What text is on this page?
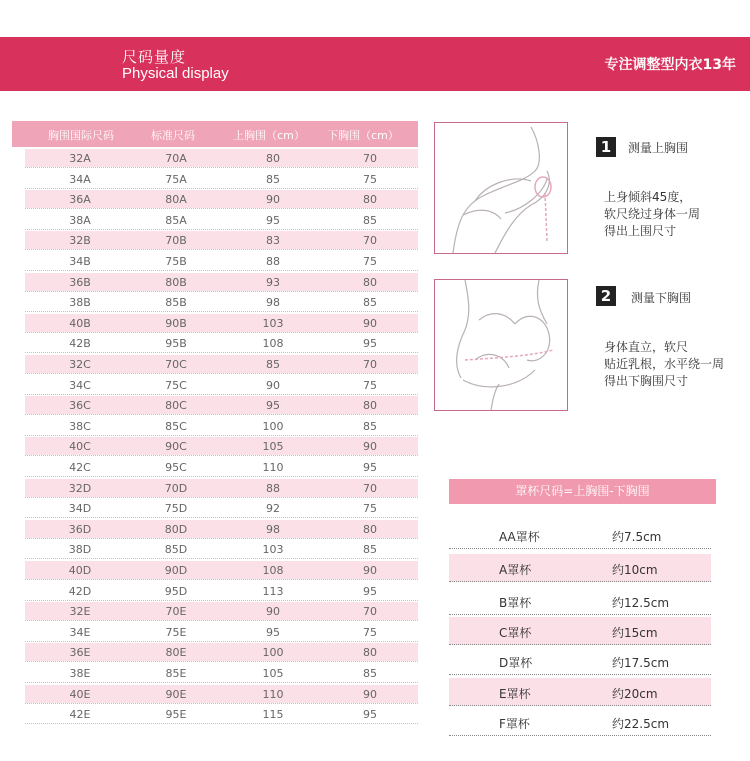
尺码量度
Physical display	专注调整型内衣13年
胸围国际尺码	标准尺码	上胸围（cm）	下胸围（cm）
32A	70A	80	70
34A	75A	85	75
36A	80A	90	80
38A	85A	95	85
32B	70B	83	70
34B	75B	88	75
36B	80B	93	80
38B	85B	98	85
40B	90B	103	90
42B	95B	108	95
32C	70C	85	70
34C	75C	90	75
36C	80C	95	80
38C	85C	100	85
40C	90C	105	90
42C	95C	110	95
32D	70D	88	70
34D	75D	92	75
36D	80D	98	80
38D	85D	103	85
40D	90D	108	90
42D	95D	113	95
32E	70E	90	70
34E	75E	95	75
36E	80E	100	80
38E	85E	105	85
40E	90E	110	90
42E	95E	115	95
1	测量上胸围
上身倾斜45度，
软尺绕过身体一周
得出上围尺寸
2	测量下胸围
身体直立，软尺
贴近乳根，水平绕一周
得出下胸围尺寸
罩杯尺码=上胸围-下胸围
AA罩杯	约7.5cm
A罩杯	约10cm
B罩杯	约12.5cm
C罩杯	约15cm
D罩杯	约17.5cm
E罩杯	约20cm
F罩杯	约22.5cm
